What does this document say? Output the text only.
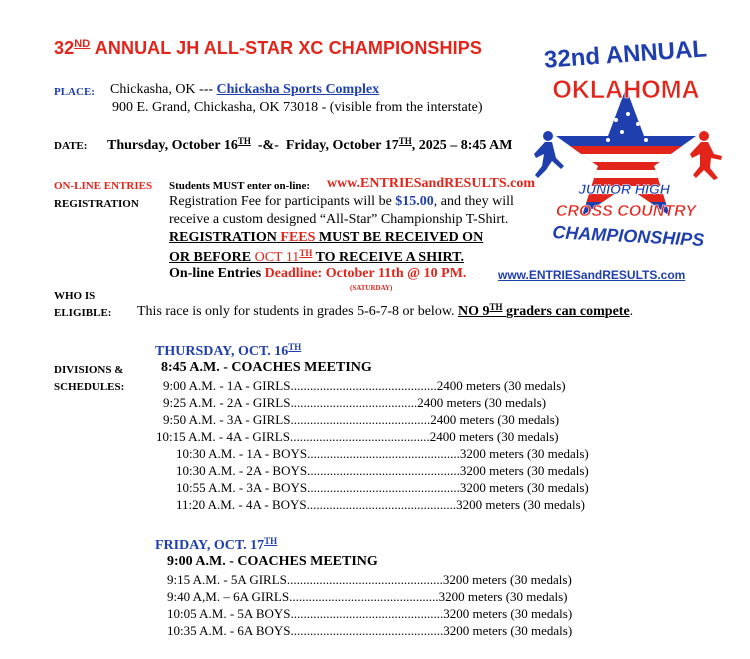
32ND ANNUAL JH ALL-STAR XC CHAMPIONSHIPS	32nd ANNUAL
OKLAHOMA
JUNIOR HIGH
CROSS COUNTRY
CHAMPIONSHIPS
PLACE: Chickasha, OK --- Chickasha Sports Complex
900 E. Grand, Chickasha, OK 73018 - (visible from the interstate)
DATE: Thursday, October 16TH -&- Friday, October 17TH, 2025 – 8:45 AM
ON-LINE ENTRIES Students MUST enter on-line: www.ENTRIESandRESULTS.com
REGISTRATION Registration Fee for participants will be $15.00, and they will
receive a custom designed “All-Star” Championship T-Shirt.
REGISTRATION FEES MUST BE RECEIVED ON
OR BEFORE OCT 11TH TO RECEIVE A SHIRT.
On-line Entries Deadline: October 11th @ 10 PM.
(SATURDAY)
www.ENTRIESandRESULTS.com
WHO IS
ELIGIBLE: This race is only for students in grades 5-6-7-8 or below. NO 9TH graders can compete.
DIVISIONS &
SCHEDULES:
THURSDAY, OCT. 16TH
8:45 A.M. - COACHES MEETING
9:00 A.M. - 1A - GIRLS.............................................2400 meters (30 medals)
9:25 A.M. - 2A - GIRLS.......................................2400 meters (30 medals)
9:50 A.M. - 3A - GIRLS...........................................2400 meters (30 medals)
10:15 A.M. - 4A - GIRLS...........................................2400 meters (30 medals)
10:30 A.M. - 1A - BOYS...............................................3200 meters (30 medals)
10:30 A.M. - 2A - BOYS...............................................3200 meters (30 medals)
10:55 A.M. - 3A - BOYS...............................................3200 meters (30 medals)
11:20 A.M. - 4A - BOYS..............................................3200 meters (30 medals)
FRIDAY, OCT. 17TH
9:00 A.M. - COACHES MEETING
9:15 A.M. - 5A GIRLS................................................3200 meters (30 medals)
9:40 A,M. – 6A GIRLS..............................................3200 meters (30 medals)
10:05 A.M. - 5A BOYS...............................................3200 meters (30 medals)
10:35 A.M. - 6A BOYS...............................................3200 meters (30 medals)
